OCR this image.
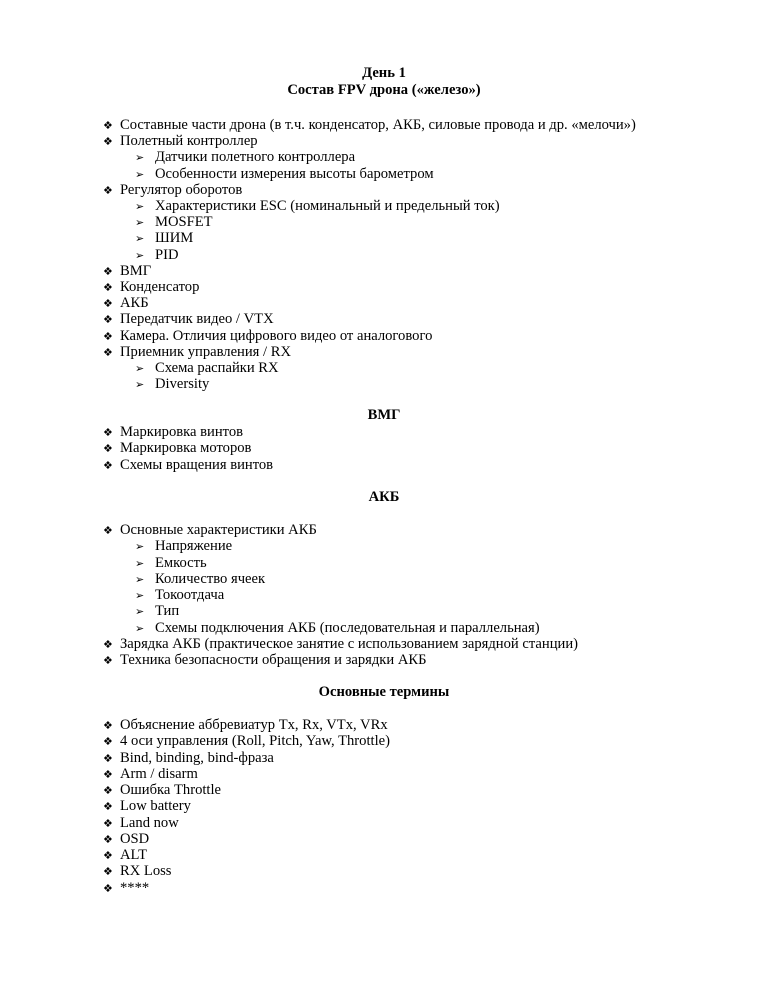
День 1
Состав FPV дрона («железо»)
❖ Составные части дрона (в т.ч. конденсатор, АКБ, силовые провода и др. «мелочи»)
❖ Полетный контроллер
➢ Датчики полетного контроллера
➢ Особенности измерения высоты барометром
❖ Регулятор оборотов
➢ Характеристики ESC (номинальный и предельный ток)
➢ MOSFET
➢ ШИМ
➢ PID
❖ ВМГ
❖ Конденсатор
❖ АКБ
❖ Передатчик видео / VTX
❖ Камера. Отличия цифрового видео от аналогового
❖ Приемник управления / RX
➢ Схема распайки RX
➢ Diversity
ВМГ
❖ Маркировка винтов
❖ Маркировка моторов
❖ Схемы вращения винтов
АКБ
❖ Основные характеристики АКБ
➢ Напряжение
➢ Емкость
➢ Количество ячеек
➢ Токоотдача
➢ Тип
➢ Схемы подключения АКБ (последовательная и параллельная)
❖ Зарядка АКБ (практическое занятие с использованием зарядной станции)
❖ Техника безопасности обращения и зарядки АКБ
Основные термины
❖ Объяснение аббревиатур Tx, Rx, VTx, VRx
❖ 4 оси управления (Roll, Pitch, Yaw, Throttle)
❖ Bind, binding, bind-фраза
❖ Arm / disarm
❖ Ошибка Throttle
❖ Low battery
❖ Land now
❖ OSD
❖ ALT
❖ RX Loss
❖ ****
